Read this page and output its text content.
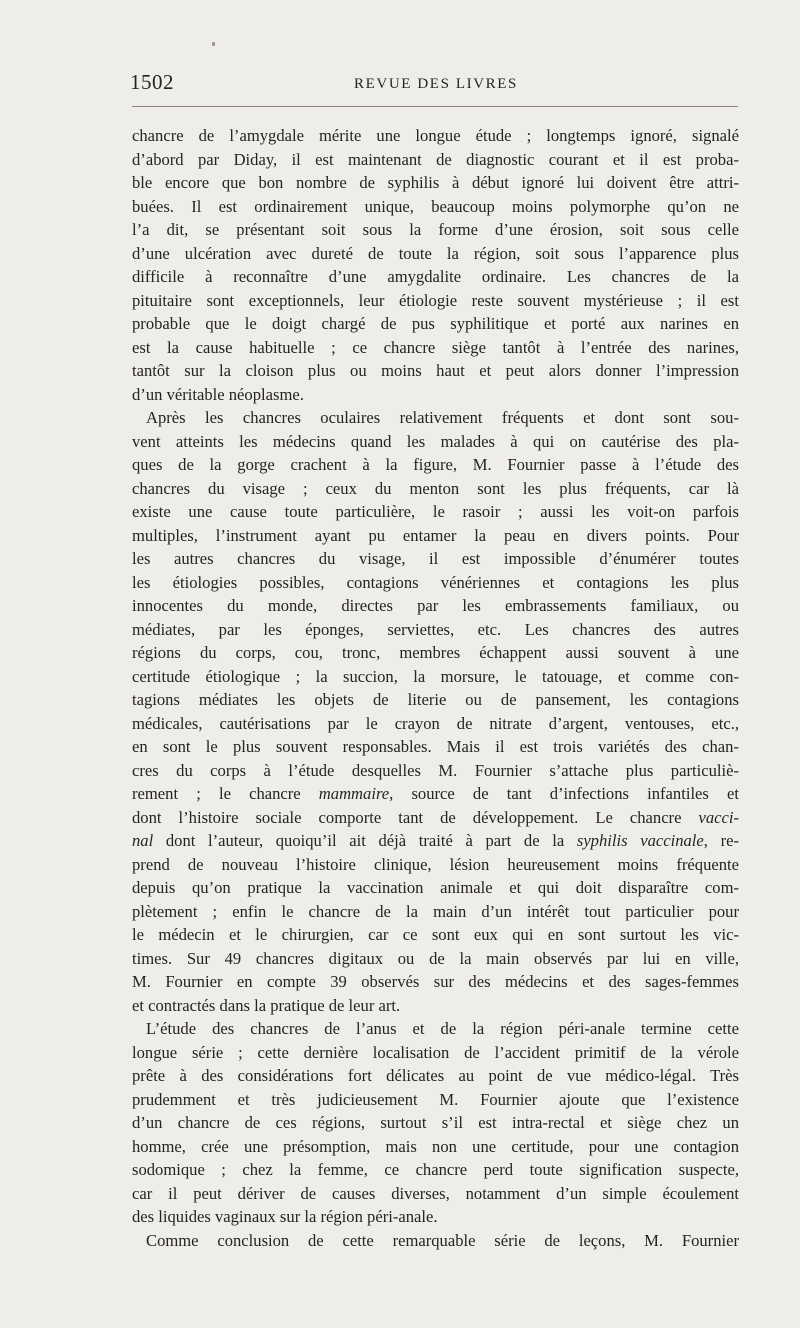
1502	REVUE DES LIVRES
chancre de l’amygdale mérite une longue étude ; longtemps ignoré, signalé
d’abord par Diday, il est maintenant de diagnostic courant et il est proba-
ble encore que bon nombre de syphilis à début ignoré lui doivent être attri-
buées. Il est ordinairement unique, beaucoup moins polymorphe qu’on ne
l’a dit, se présentant soit sous la forme d’une érosion, soit sous celle
d’une ulcération avec dureté de toute la région, soit sous l’apparence plus
difficile à reconnaître d’une amygdalite ordinaire. Les chancres de la
pituitaire sont exceptionnels, leur étiologie reste souvent mystérieuse ; il est
probable que le doigt chargé de pus syphilitique et porté aux narines en
est la cause habituelle ; ce chancre siège tantôt à l’entrée des narines,
tantôt sur la cloison plus ou moins haut et peut alors donner l’impression
d’un véritable néoplasme.
Après les chancres oculaires relativement fréquents et dont sont sou-
vent atteints les médecins quand les malades à qui on cautérise des pla-
ques de la gorge crachent à la figure, M. Fournier passe à l’étude des
chancres du visage ; ceux du menton sont les plus fréquents, car là
existe une cause toute particulière, le rasoir ; aussi les voit-on parfois
multiples, l’instrument ayant pu entamer la peau en divers points. Pour
les autres chancres du visage, il est impossible d’énumérer toutes
les étiologies possibles, contagions vénériennes et contagions les plus
innocentes du monde, directes par les embrassements familiaux, ou
médiates, par les éponges, serviettes, etc. Les chancres des autres
régions du corps, cou, tronc, membres échappent aussi souvent à une
certitude étiologique ; la succion, la morsure, le tatouage, et comme con-
tagions médiates les objets de literie ou de pansement, les contagions
médicales, cautérisations par le crayon de nitrate d’argent, ventouses, etc.,
en sont le plus souvent responsables. Mais il est trois variétés des chan-
cres du corps à l’étude desquelles M. Fournier s’attache plus particuliè-
rement ; le chancre mammaire, source de tant d’infections infantiles et
dont l’histoire sociale comporte tant de développement. Le chancre vacci-
nal dont l’auteur, quoiqu’il ait déjà traité à part de la syphilis vaccinale, re-
prend de nouveau l’histoire clinique, lésion heureusement moins fréquente
depuis qu’on pratique la vaccination animale et qui doit disparaître com-
plètement ; enfin le chancre de la main d’un intérêt tout particulier pour
le médecin et le chirurgien, car ce sont eux qui en sont surtout les vic-
times. Sur 49 chancres digitaux ou de la main observés par lui en ville,
M. Fournier en compte 39 observés sur des médecins et des sages-femmes
et contractés dans la pratique de leur art.
L’étude des chancres de l’anus et de la région péri-anale termine cette
longue série ; cette dernière localisation de l’accident primitif de la vérole
prête à des considérations fort délicates au point de vue médico-légal. Très
prudemment et très judicieusement M. Fournier ajoute que l’existence
d’un chancre de ces régions, surtout s’il est intra-rectal et siège chez un
homme, crée une présomption, mais non une certitude, pour une contagion
sodomique ; chez la femme, ce chancre perd toute signification suspecte,
car il peut dériver de causes diverses, notamment d’un simple écoulement
des liquides vaginaux sur la région péri-anale.
Comme conclusion de cette remarquable série de leçons, M. Fournier
